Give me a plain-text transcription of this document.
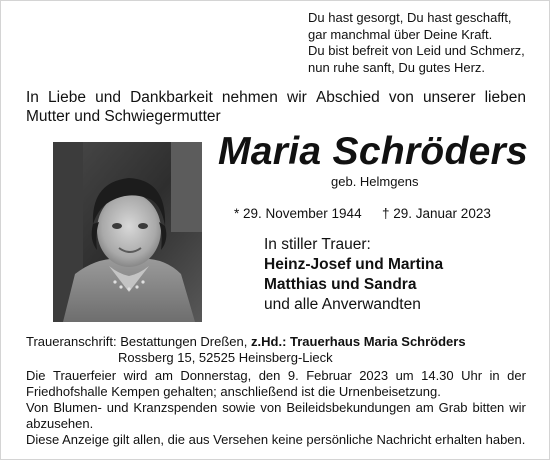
Du hast gesorgt, Du hast geschafft,
gar manchmal über Deine Kraft.
Du bist befreit von Leid und Schmerz,
nun ruhe sanft, Du gutes Herz.
In Liebe und Dankbarkeit nehmen wir Abschied von unserer lieben
Mutter und Schwiegermutter
Maria Schröders
geb. Helmgens
* 29. November 1944 † 29. Januar 2023
In stiller Trauer:
Heinz-Josef und Martina
Matthias und Sandra
und alle Anverwandten
Traueranschrift: Bestattungen Dreßen, z.Hd.: Trauerhaus Maria Schröders
Rossberg 15, 52525 Heinsberg-Lieck
Die Trauerfeier wird am Donnerstag, den 9. Februar 2023 um 14.30 Uhr in der
Friedhofshalle Kempen gehalten; anschließend ist die Urnenbeisetzung.
Von Blumen- und Kranzspenden sowie von Beileidsbekundungen am Grab bitten wir
abzusehen.
Diese Anzeige gilt allen, die aus Versehen keine persönliche Nachricht erhalten haben.
